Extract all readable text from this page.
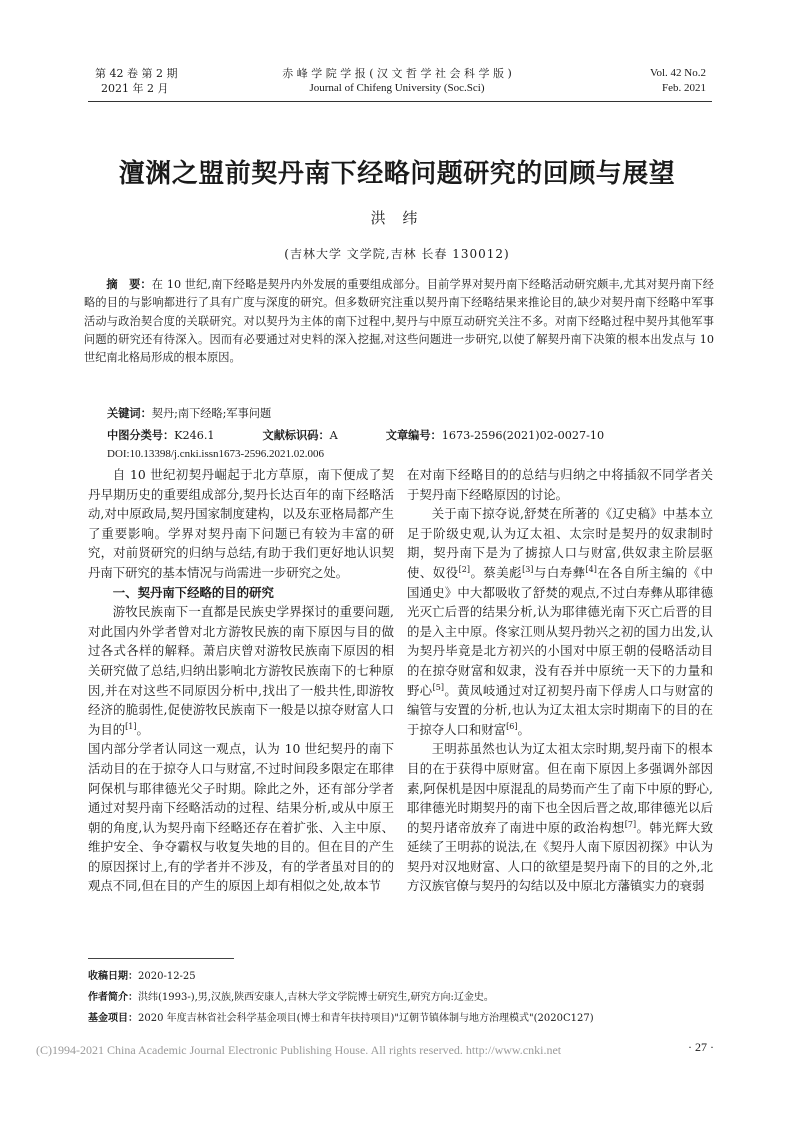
第 42 卷 第 2 期
2021 年 2 月
赤 峰 学 院 学 报 ( 汉 文 哲 学 社 会 科 学 版 )
Journal of Chifeng University (Soc.Sci)
Vol. 42 No.2
Feb. 2021
澶渊之盟前契丹南下经略问题研究的回顾与展望
洪 纬
(吉林大学 文学院,吉林 长春 130012)
摘　要：在 10 世纪,南下经略是契丹内外发展的重要组成部分。目前学界对契丹南下经略活动研究颇丰,尤其对契丹南下经略的目的与影响都进行了具有广度与深度的研究。但多数研究注重以契丹南下经略结果来推论目的,缺少对契丹南下经略中军事活动与政治契合度的关联研究。对以契丹为主体的南下过程中,契丹与中原互动研究关注不多。对南下经略过程中契丹其他军事问题的研究还有待深入。因而有必要通过对史料的深入挖掘,对这些问题进一步研究,以使了解契丹南下决策的根本出发点与 10 世纪南北格局形成的根本原因。
关键词：契丹;南下经略;军事问题
中图分类号：K246.1	文献标识码：A	文章编号：1673-2596(2021)02-0027-10
DOI:10.13398/j.cnki.issn1673-2596.2021.02.006

自 10 世纪初契丹崛起于北方草原，南下便成了契丹早期历史的重要组成部分,契丹长达百年的南下经略活动,对中原政局,契丹国家制度建构，以及东亚格局都产生了重要影响。学界对契丹南下问题已有较为丰富的研究，对前贤研究的归纳与总结,有助于我们更好地认识契丹南下研究的基本情况与尚需进一步研究之处。

一、契丹南下经略的目的研究

游牧民族南下一直都是民族史学界探讨的重要问题,对此国内外学者曾对北方游牧民族的南下原因与目的做过各式各样的解释。萧启庆曾对游牧民族南下原因的相关研究做了总结,归纳出影响北方游牧民族南下的七种原因,并在对这些不同原因分析中,找出了一般共性,即游牧经济的脆弱性,促使游牧民族南下一般是以掠夺财富人口为目的[1]。

国内部分学者认同这一观点，认为 10 世纪契丹的南下活动目的在于掠夺人口与财富,不过时间段多限定在耶律阿保机与耶律德光父子时期。除此之外，还有部分学者通过对契丹南下经略活动的过程、结果分析,或从中原王朝的角度,认为契丹南下经略还存在着扩张、入主中原、维护安全、争夺霸权与收复失地的目的。但在目的产生的原因探讨上,有的学者并不涉及，有的学者虽对目的的观点不同,但在目的产生的原因上却有相似之处,故本节

在对南下经略目的的总结与归纳之中将插叙不同学者关于契丹南下经略原因的讨论。

关于南下掠夺说,舒焚在所著的《辽史稿》中基本立足于阶级史观,认为辽太祖、太宗时是契丹的奴隶制时期，契丹南下是为了掳掠人口与财富,供奴隶主阶层驱使、奴役[2]。蔡美彪[3]与白寿彝[4]在各自所主编的《中国通史》中大都吸收了舒焚的观点,不过白寿彝从耶律德光灭亡后晋的结果分析,认为耶律德光南下灭亡后晋的目的是入主中原。佟家江则从契丹勃兴之初的国力出发,认为契丹毕竟是北方初兴的小国对中原王朝的侵略活动目的在掠夺财富和奴隶，没有吞并中原统一天下的力量和野心[5]。黄凤岐通过对辽初契丹南下俘虏人口与财富的编管与安置的分析,也认为辽太祖太宗时期南下的目的在于掠夺人口和财富[6]。

王明荪虽然也认为辽太祖太宗时期,契丹南下的根本目的在于获得中原财富。但在南下原因上多强调外部因素,阿保机是因中原混乱的局势而产生了南下中原的野心,耶律德光时期契丹的南下也全因后晋之故,耶律德光以后的契丹诸帝放弃了南进中原的政治构想[7]。韩光辉大致延续了王明荪的说法,在《契丹人南下原因初探》中认为契丹对汉地财富、人口的欲望是契丹南下的目的之外,北方汉族官僚与契丹的勾结以及中原北方藩镇实力的衰弱

收稿日期：2020-12-25
作者简介：洪纬(1993-),男,汉族,陕西安康人,吉林大学文学院博士研究生,研究方向:辽金史。
基金项目：2020 年度吉林省社会科学基金项目(博士和青年扶持项目)"辽朝节镇体制与地方治理模式"(2020C127)
· 27 ·
(C)1994-2021 China Academic Journal Electronic Publishing House. All rights reserved. http://www.cnki.net
